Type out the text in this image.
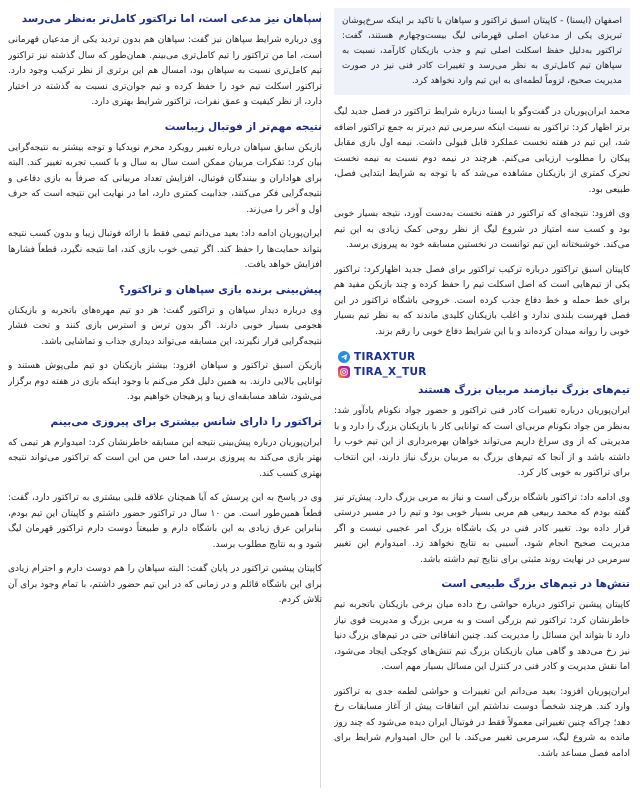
اصفهان (ایسنا) - کاپیتان اسبق تراکتور و سپاهان با تاکید بر اینکه سرخ‌پوشان تبریزی یکی از مدعیان اصلی قهرمانی لیگ بیست‌وچهارم هستند، گفت: تراکتور به‌دلیل حفظ اسکلت اصلی تیم و جذب بازیکنان کارآمد، نسبت به سپاهان تیم کامل‌تری به نظر می‌رسد و تغییرات کادر فنی نیز در صورت مدیریت صحیح، لزوماً لطمه‌ای به این تیم وارد نخواهد کرد.

محمد ایران‌پوریان در گفت‌وگو با ایسنا درباره شرایط تراکتور در فصل جدید لیگ برتر اظهار کرد: تراکتور به نسبت اینکه سرمربی تیم دیرتر به جمع تراکتور اضافه شد، این تیم در هفته نخست عملکرد قابل قبولی داشت. نیمه اول بازی مقابل پیکان را مطلوب ارزیابی می‌کنم. هرچند در نیمه دوم نسبت به نیمه نخست تحرک کمتری از بازیکنان مشاهده می‌شد که با توجه به شرایط ابتدایی فصل، طبیعی بود.

وی افزود: نتیجه‌ای که تراکتور در هفته نخست به‌دست آورد، نتیجه بسیار خوبی بود و کسب سه امتیاز در شروع لیگ از نظر روحی کمک زیادی به این تیم می‌کند. خوشبختانه این تیم توانست در نخستین مسابقه خود به پیروزی برسد.

کاپیتان اسبق تراکتور درباره ترکیب تراکتور برای فصل جدید اظهارکرد: تراکتور یکی از تیم‌هایی است که اصل اسکلت تیم را حفظ کرده و چند بازیکن مفید هم برای خط حمله و خط دفاع جذب کرده است. خروجی باشگاه تراکتور در این فصل فهرست بلندی ندارد و اغلب بازیکنان کلیدی ماندند که به نظر تیم بسیار خوبی را روانه میدان کرده‌اند و با این شرایط دفاع خوبی را رقم بزند.

TIRAXTUR
TIRA_X_TUR
تیم‌های بزرگ نیازمند مربیان بزرگ هستند

ایران‌پوریان درباره تغییرات کادر فنی تراکتور و حضور جواد نکونام یادآور شد: به‌نظر من جواد نکونام مربی‌ای است که توانایی کار با بازیکنان بزرگ را دارد و با مدیریتی که از وی سراغ داریم می‌تواند خواهان بهره‌برداری از این تیم خوب را داشته باشد و از آنجا که تیم‌های بزرگ به مربیان بزرگ نیاز دارند، این انتخاب برای تراکتور به خوبی کار کرد.

وی ادامه داد: تراکتور باشگاه بزرگی است و نیاز به مربی بزرگ دارد. پیش‌تر نیز گفته بودم که محمد ربیعی هم مربی بسیار خوبی بود و تیم را در مسیر درستی قرار داده بود. تغییر کادر فنی در یک باشگاه بزرگ امر عجیبی نیست و اگر مدیریت صحیح انجام شود، آسیبی به نتایج نخواهد زد. امیدوارم این تغییر سرمربی در نهایت روند مثبتی برای نتایج تیم داشته باشد.

تنش‌ها در تیم‌های بزرگ طبیعی است

کاپیتان پیشین تراکتور درباره حواشی رخ داده میان برخی بازیکنان باتجربه تیم خاطرنشان کرد: تراکتور تیم بزرگی است و به مربی بزرگ و مدیریت قوی نیاز دارد تا بتواند این مسائل را مدیریت کند. چنین اتفاقاتی حتی در تیم‌های بزرگ دنیا نیز رخ می‌دهد و گاهی میان بازیکنان بزرگ تیم تنش‌های کوچکی ایجاد می‌شود، اما نقش مدیریت و کادر فنی در کنترل این مسائل بسیار مهم است.

ایران‌پوریان افزود: بعید می‌دانم این تغییرات و حواشی لطمه جدی به تراکتور وارد کند. هرچند شخصاً دوست نداشتم این اتفاقات پیش از آغاز مسابقات رخ دهد؛ چراکه چنین تغییراتی معمولاً فقط در فوتبال ایران دیده می‌شود که چند روز مانده به شروع لیگ، سرمربی تغییر می‌کند. با این حال امیدوارم شرایط برای ادامه فصل مساعد باشد.

سپاهان نیز مدعی است، اما تراکتور کامل‌تر به‌نظر می‌رسد

وی درباره شرایط سپاهان نیز گفت: سپاهان هم بدون تردید یکی از مدعیان قهرمانی است، اما من تراکتور را تیم کامل‌تری می‌بینم. همان‌طور که سال گذشته نیز تراکتور تیم کامل‌تری نسبت به سپاهان بود، امسال هم این برتری از نظر ترکیب وجود دارد. تراکتور اسکلت تیم خود را حفظ کرده و تیم جوان‌تری نسبت به گذشته در اختیار دارد، از نظر کیفیت و عمق نفرات، تراکتور شرایط بهتری دارد.

نتیجه مهم‌تر از فوتبال زیباست

بازیکن سابق سپاهان درباره تغییر رویکرد محرم نویدکیا و توجه بیشتر به نتیجه‌گرایی بیان کرد: تفکرات مربیان ممکن است سال به سال و با کسب تجربه تغییر کند. البته برای هواداران و بینندگان فوتبال، افزایش تعداد مربیانی که صرفاً به بازی دفاعی و نتیجه‌گرایی فکر می‌کنند، جذابیت کمتری دارد، اما در نهایت این نتیجه است که حرف اول و آخر را می‌زند.

ایران‌پوریان ادامه داد: بعید می‌دانم تیمی فقط با ارائه فوتبال زیبا و بدون کسب نتیجه بتواند حمایت‌ها را حفظ کند. اگر تیمی خوب بازی کند، اما نتیجه نگیرد، قطعاً فشارها افزایش خواهد یافت.

پیش‌بینی برنده بازی سپاهان و تراکتور؟

وی درباره دیدار سپاهان و تراکتور گفت: هر دو تیم مهره‌های باتجربه و بازیکنان هجومی بسیار خوبی دارند. اگر بدون ترس و استرس بازی کنند و تحت فشار نتیجه‌گرایی قرار نگیرند، این مسابقه می‌تواند دیداری جذاب و تماشایی باشد.

بازیکن اسبق تراکتور و سپاهان افزود: بیشتر بازیکنان دو تیم ملی‌پوش هستند و توانایی بالایی دارند. به همین دلیل فکر می‌کنم با وجود اینکه بازی در هفته دوم برگزار می‌شود، شاهد مسابقه‌ای زیبا و پرهیجان خواهیم بود.

تراکتور را دارای شانس بیشتری برای پیروزی می‌بینم

ایران‌پوریان درباره پیش‌بینی نتیجه این مسابقه خاطرنشان کرد: امیدوارم هر تیمی که بهتر بازی می‌کند به پیروزی برسد، اما حس من این است که تراکتور می‌تواند نتیجه بهتری کسب کند.

وی در پاسخ به این پرسش که آیا همچنان علاقه قلبی بیشتری به تراکتور دارد، گفت: قطعاً همین‌طور است. من ۱۰ سال در تراکتور حضور داشتم و کاپیتان این تیم بودم، بنابراین عرق زیادی به این باشگاه دارم و طبیعتاً دوست دارم تراکتور قهرمان لیگ شود و به نتایج مطلوب برسد.

کاپیتان پیشین تراکتور در پایان گفت: البته سپاهان را هم دوست دارم و احترام زیادی برای این باشگاه قائلم و در زمانی که در این تیم حضور داشتم، با تمام وجود برای آن تلاش کردم.
